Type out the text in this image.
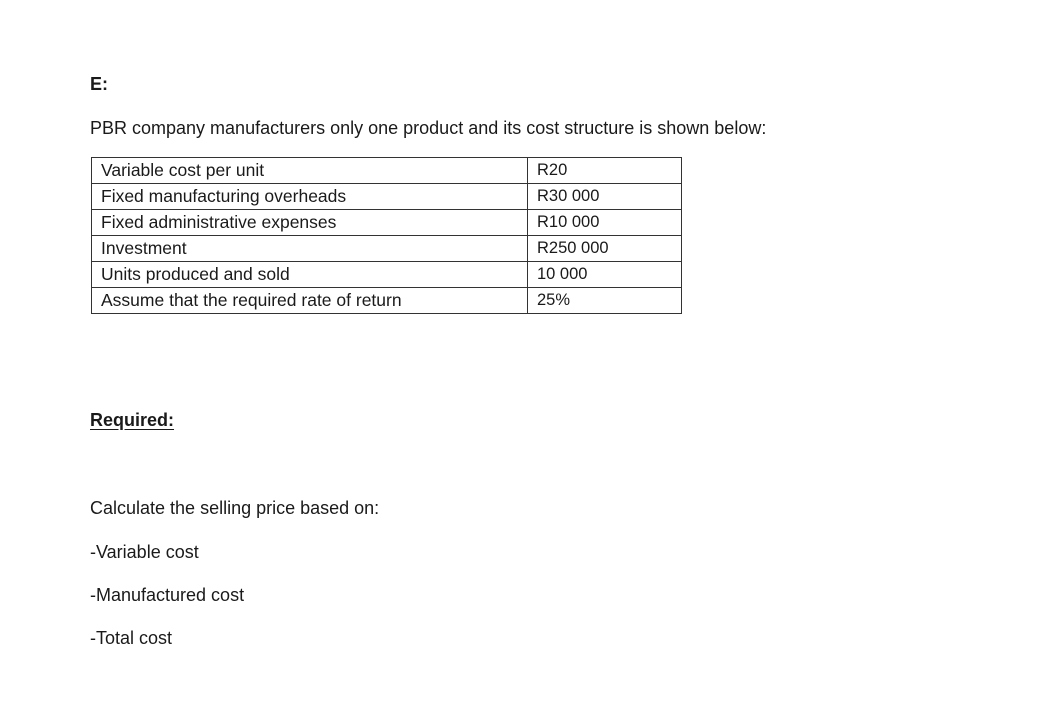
E:
PBR company manufacturers only one product and its cost structure is shown below:
Variable cost per unit	R20
Fixed manufacturing overheads	R30 000
Fixed administrative expenses	R10 000
Investment	R250 000
Units produced and sold	10 000
Assume that the required rate of return	25%
Required:
Calculate the selling price based on:
-Variable cost
-Manufactured cost
-Total cost
